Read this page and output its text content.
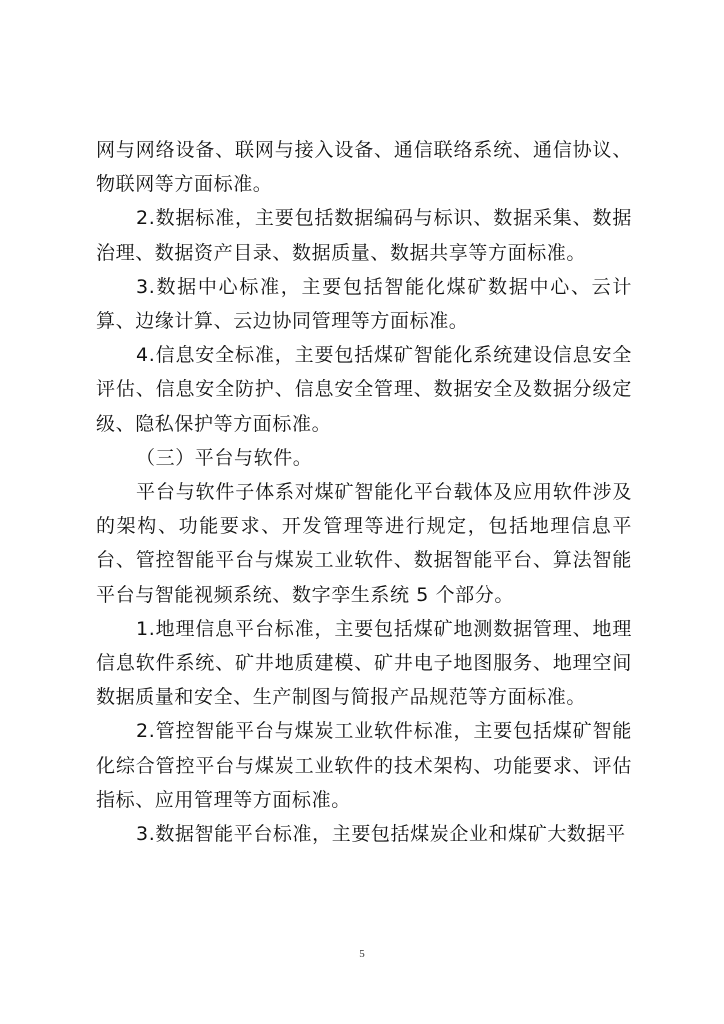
网与网络设备、联网与接入设备、通信联络系统、通信协议、物联网等方面标准。

2.数据标准，主要包括数据编码与标识、数据采集、数据治理、数据资产目录、数据质量、数据共享等方面标准。

3.数据中心标准，主要包括智能化煤矿数据中心、云计算、边缘计算、云边协同管理等方面标准。

4.信息安全标准，主要包括煤矿智能化系统建设信息安全评估、信息安全防护、信息安全管理、数据安全及数据分级定级、隐私保护等方面标准。

（三）平台与软件。

平台与软件子体系对煤矿智能化平台载体及应用软件涉及的架构、功能要求、开发管理等进行规定，包括地理信息平台、管控智能平台与煤炭工业软件、数据智能平台、算法智能平台与智能视频系统、数字孪生系统 5 个部分。

1.地理信息平台标准，主要包括煤矿地测数据管理、地理信息软件系统、矿井地质建模、矿井电子地图服务、地理空间数据质量和安全、生产制图与简报产品规范等方面标准。

2.管控智能平台与煤炭工业软件标准，主要包括煤矿智能化综合管控平台与煤炭工业软件的技术架构、功能要求、评估指标、应用管理等方面标准。

3.数据智能平台标准，主要包括煤炭企业和煤矿大数据平

5
